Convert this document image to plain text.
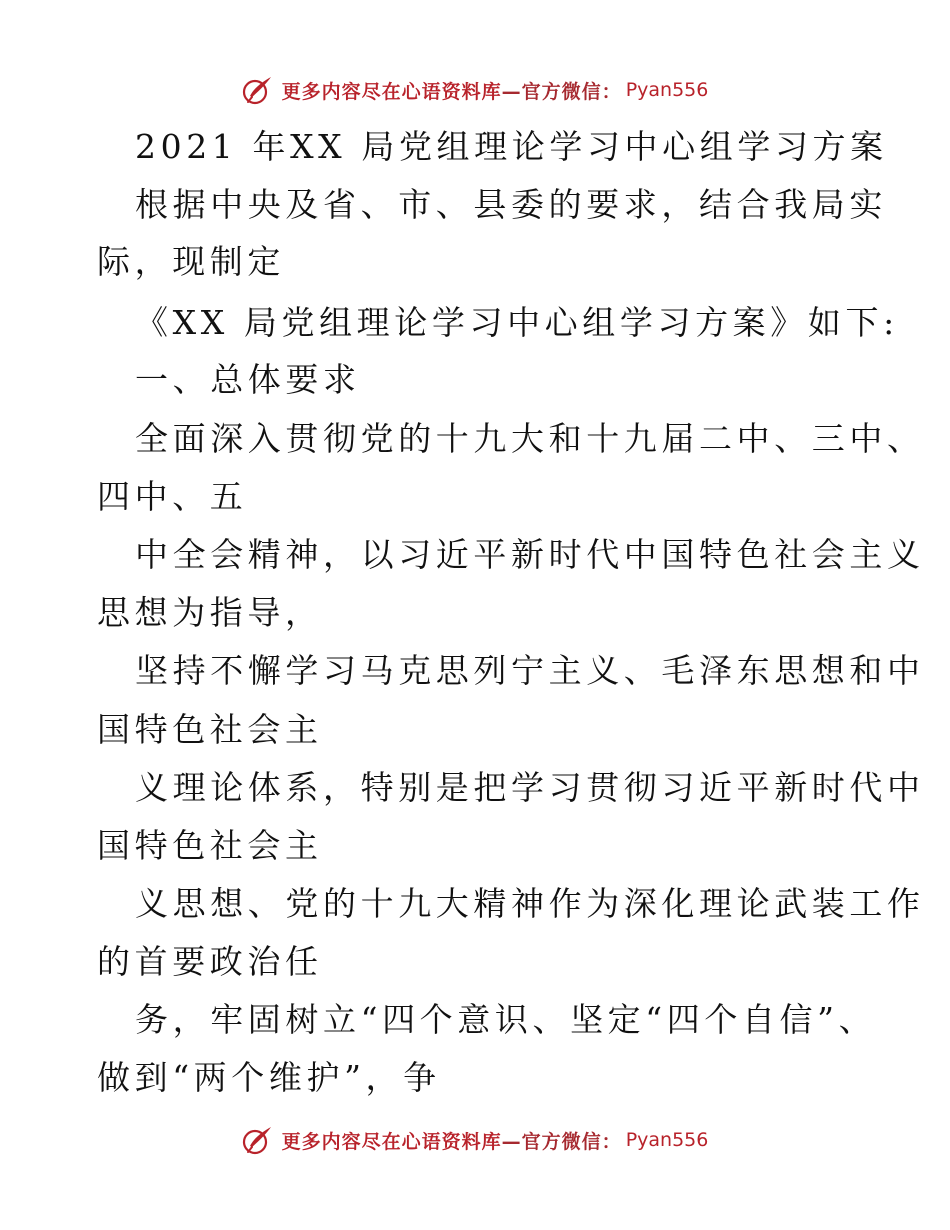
更多内容尽在心语资料库—官方微信： Pyan556
2021 年XX 局党组理论学习中心组学习方案
根据中央及省、市、县委的要求，结合我局实
际，现制定
《XX 局党组理论学习中心组学习方案》如下:
一、总体要求
全面深入贯彻党的十九大和十九届二中、三中、
四中、五
中全会精神，以习近平新时代中国特色社会主义
思想为指导，
坚持不懈学习马克思列宁主义、毛泽东思想和中
国特色社会主
义理论体系，特别是把学习贯彻习近平新时代中
国特色社会主
义思想、党的十九大精神作为深化理论武装工作
的首要政治任
务，牢固树立“四个意识、坚定“四个自信”、
做到“两个维护”，争
更多内容尽在心语资料库—官方微信： Pyan556
